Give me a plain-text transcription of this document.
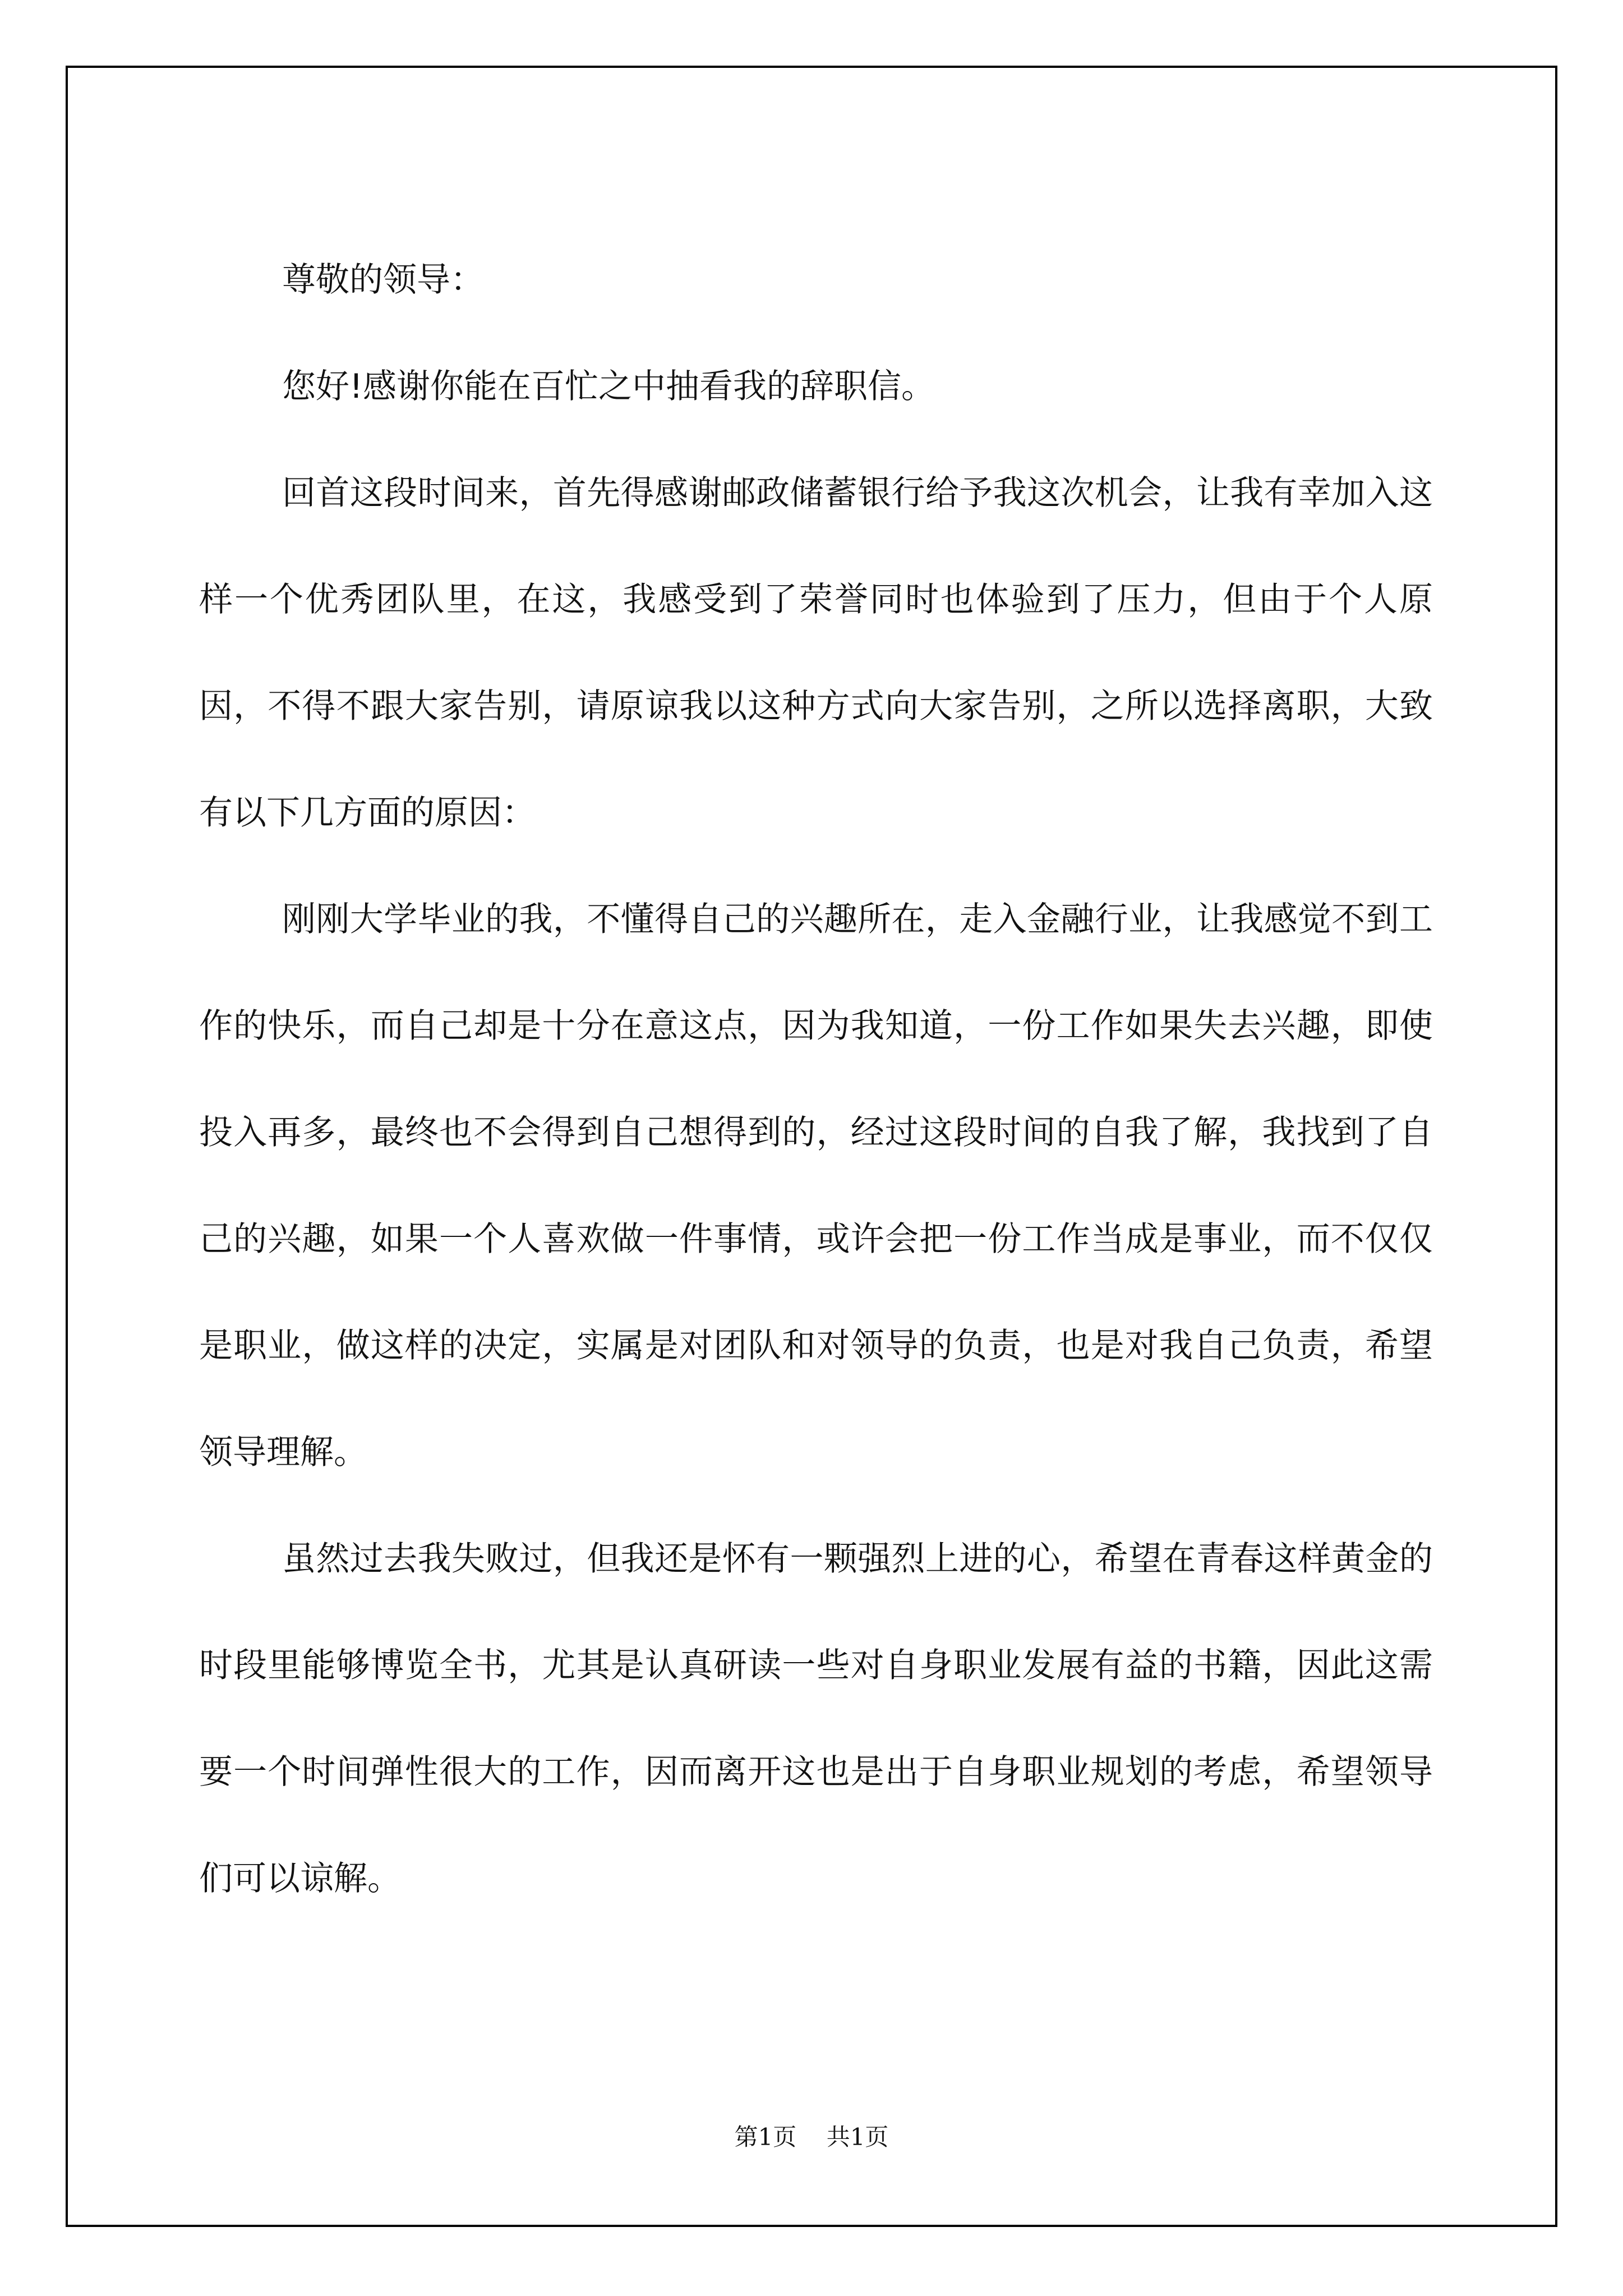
尊敬的领导：

您好!感谢你能在百忙之中抽看我的辞职信。

回首这段时间来，首先得感谢邮政储蓄银行给予我这次机会，让我有幸加入这样一个优秀团队里，在这，我感受到了荣誉同时也体验到了压力，但由于个人原因，不得不跟大家告别，请原谅我以这种方式向大家告别，之所以选择离职，大致有以下几方面的原因：

刚刚大学毕业的我，不懂得自己的兴趣所在，走入金融行业，让我感觉不到工作的快乐，而自己却是十分在意这点，因为我知道，一份工作如果失去兴趣，即使投入再多，最终也不会得到自己想得到的，经过这段时间的自我了解，我找到了自己的兴趣，如果一个人喜欢做一件事情，或许会把一份工作当成是事业，而不仅仅是职业，做这样的决定，实属是对团队和对领导的负责，也是对我自己负责，希望领导理解。

虽然过去我失败过，但我还是怀有一颗强烈上进的心，希望在青春这样黄金的时段里能够博览全书，尤其是认真研读一些对自身职业发展有益的书籍，因此这需要一个时间弹性很大的工作，因而离开这也是出于自身职业规划的考虑，希望领导们可以谅解。

第1页 共1页
